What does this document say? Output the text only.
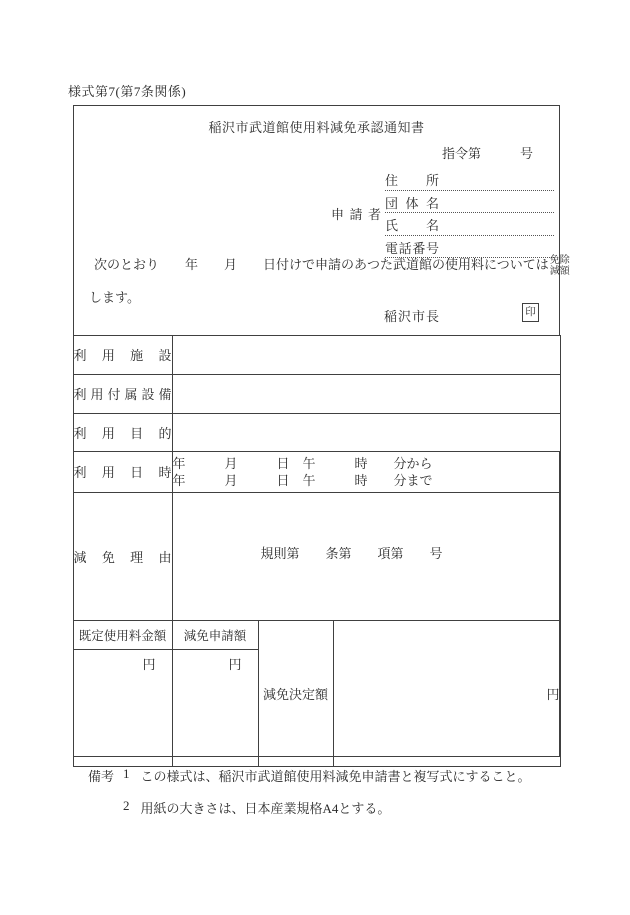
様式第7(第7条関係)
稲沢市武道館使用料減免承認通知書
指令第　　　号
申請者
住所
団体名
氏名
電話番号
次のとおり　　年　　月　　日付けで申請のあつた武道館の使用料については 免除
減額
します。
稲沢市長	印
利用施設			
利用付属設備			
利用目的			
利用日時	年　　　月　　　日　午　　　時　　分から
年　　　月　　　日　午　　　時　　分まで		

減免理由	規則第　　条第　　項第　　号		

既定使用料金額	減免申請額	減免決定額	円
円	円		
備考 1 この様式は、稲沢市武道館使用料減免申請書と複写式にすること。
2 用紙の大きさは、日本産業規格A4とする。
